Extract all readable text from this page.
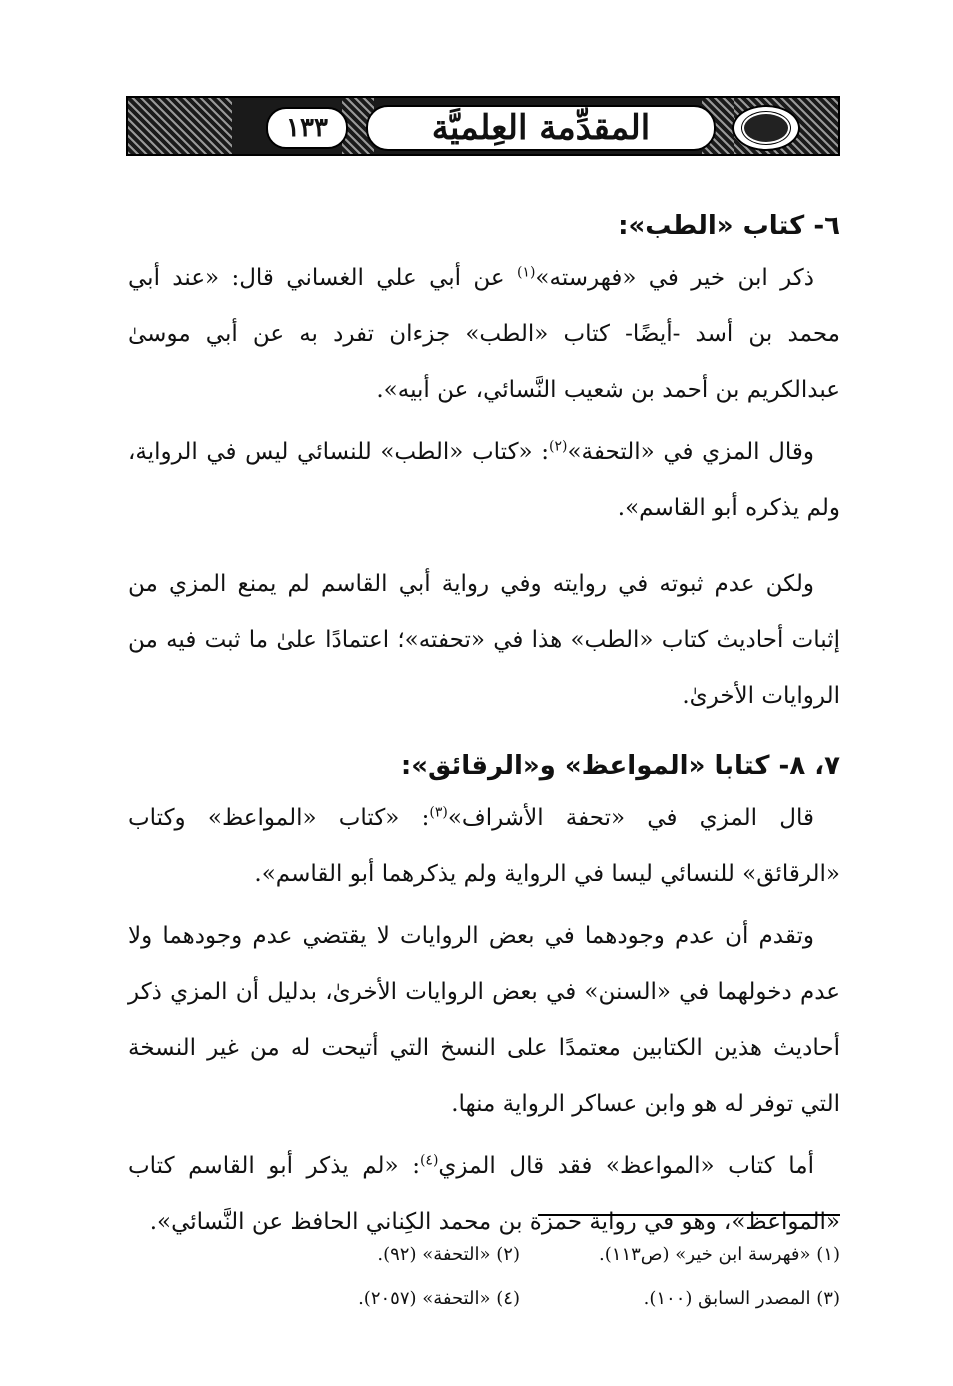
١٣٣	المقدِّمة العِلميَّة
٦- كتاب «الطب»:

ذكر ابن خير في «فهرسته»$^{(١)}$ عن أبي علي الغساني قال: «عند أبي محمد بن أسد -أيضًا- كتاب «الطب» جزءان تفرد به عن أبي موسىٰ عبدالكريم بن أحمد بن شعيب النَّسائي، عن أبيه».

وقال المزي في «التحفة»$^{(٢)}$: «كتاب «الطب» للنسائي ليس في الرواية، ولم يذكره أبو القاسم».

ولكن عدم ثبوته في روايته وفي رواية أبي القاسم لم يمنع المزي من إثبات أحاديث كتاب «الطب» هذا في «تحفته»؛ اعتمادًا علىٰ ما ثبت فيه من الروايات الأخرىٰ.

٧، ٨- كتابا «المواعظ» و«الرقائق»:

قال المزي في «تحفة الأشراف»$^{(٣)}$: «كتاب «المواعظ» وكتاب «الرقائق» للنسائي ليسا في الرواية ولم يذكرهما أبو القاسم».

وتقدم أن عدم وجودهما في بعض الروايات لا يقتضي عدم وجودهما ولا عدم دخولهما في «السنن» في بعض الروايات الأخرىٰ، بدليل أن المزي ذكر أحاديث هذين الكتابين معتمدًا على النسخ التي أتيحت له من غير النسخة التي توفر له هو وابن عساكر الرواية منها.

أما كتاب «المواعظ» فقد قال المزي$^{(٤)}$: «لم يذكر أبو القاسم كتاب «المواعظ»، وهو في رواية حمزة بن محمد الكِناني الحافظ عن النَّسائي».

(١) «فهرسة ابن خير» (ص١١٣).
(٢) «التحفة» (٩٢).
(٣) المصدر السابق (١٠٠).
(٤) «التحفة» (٢٠٥٧).
